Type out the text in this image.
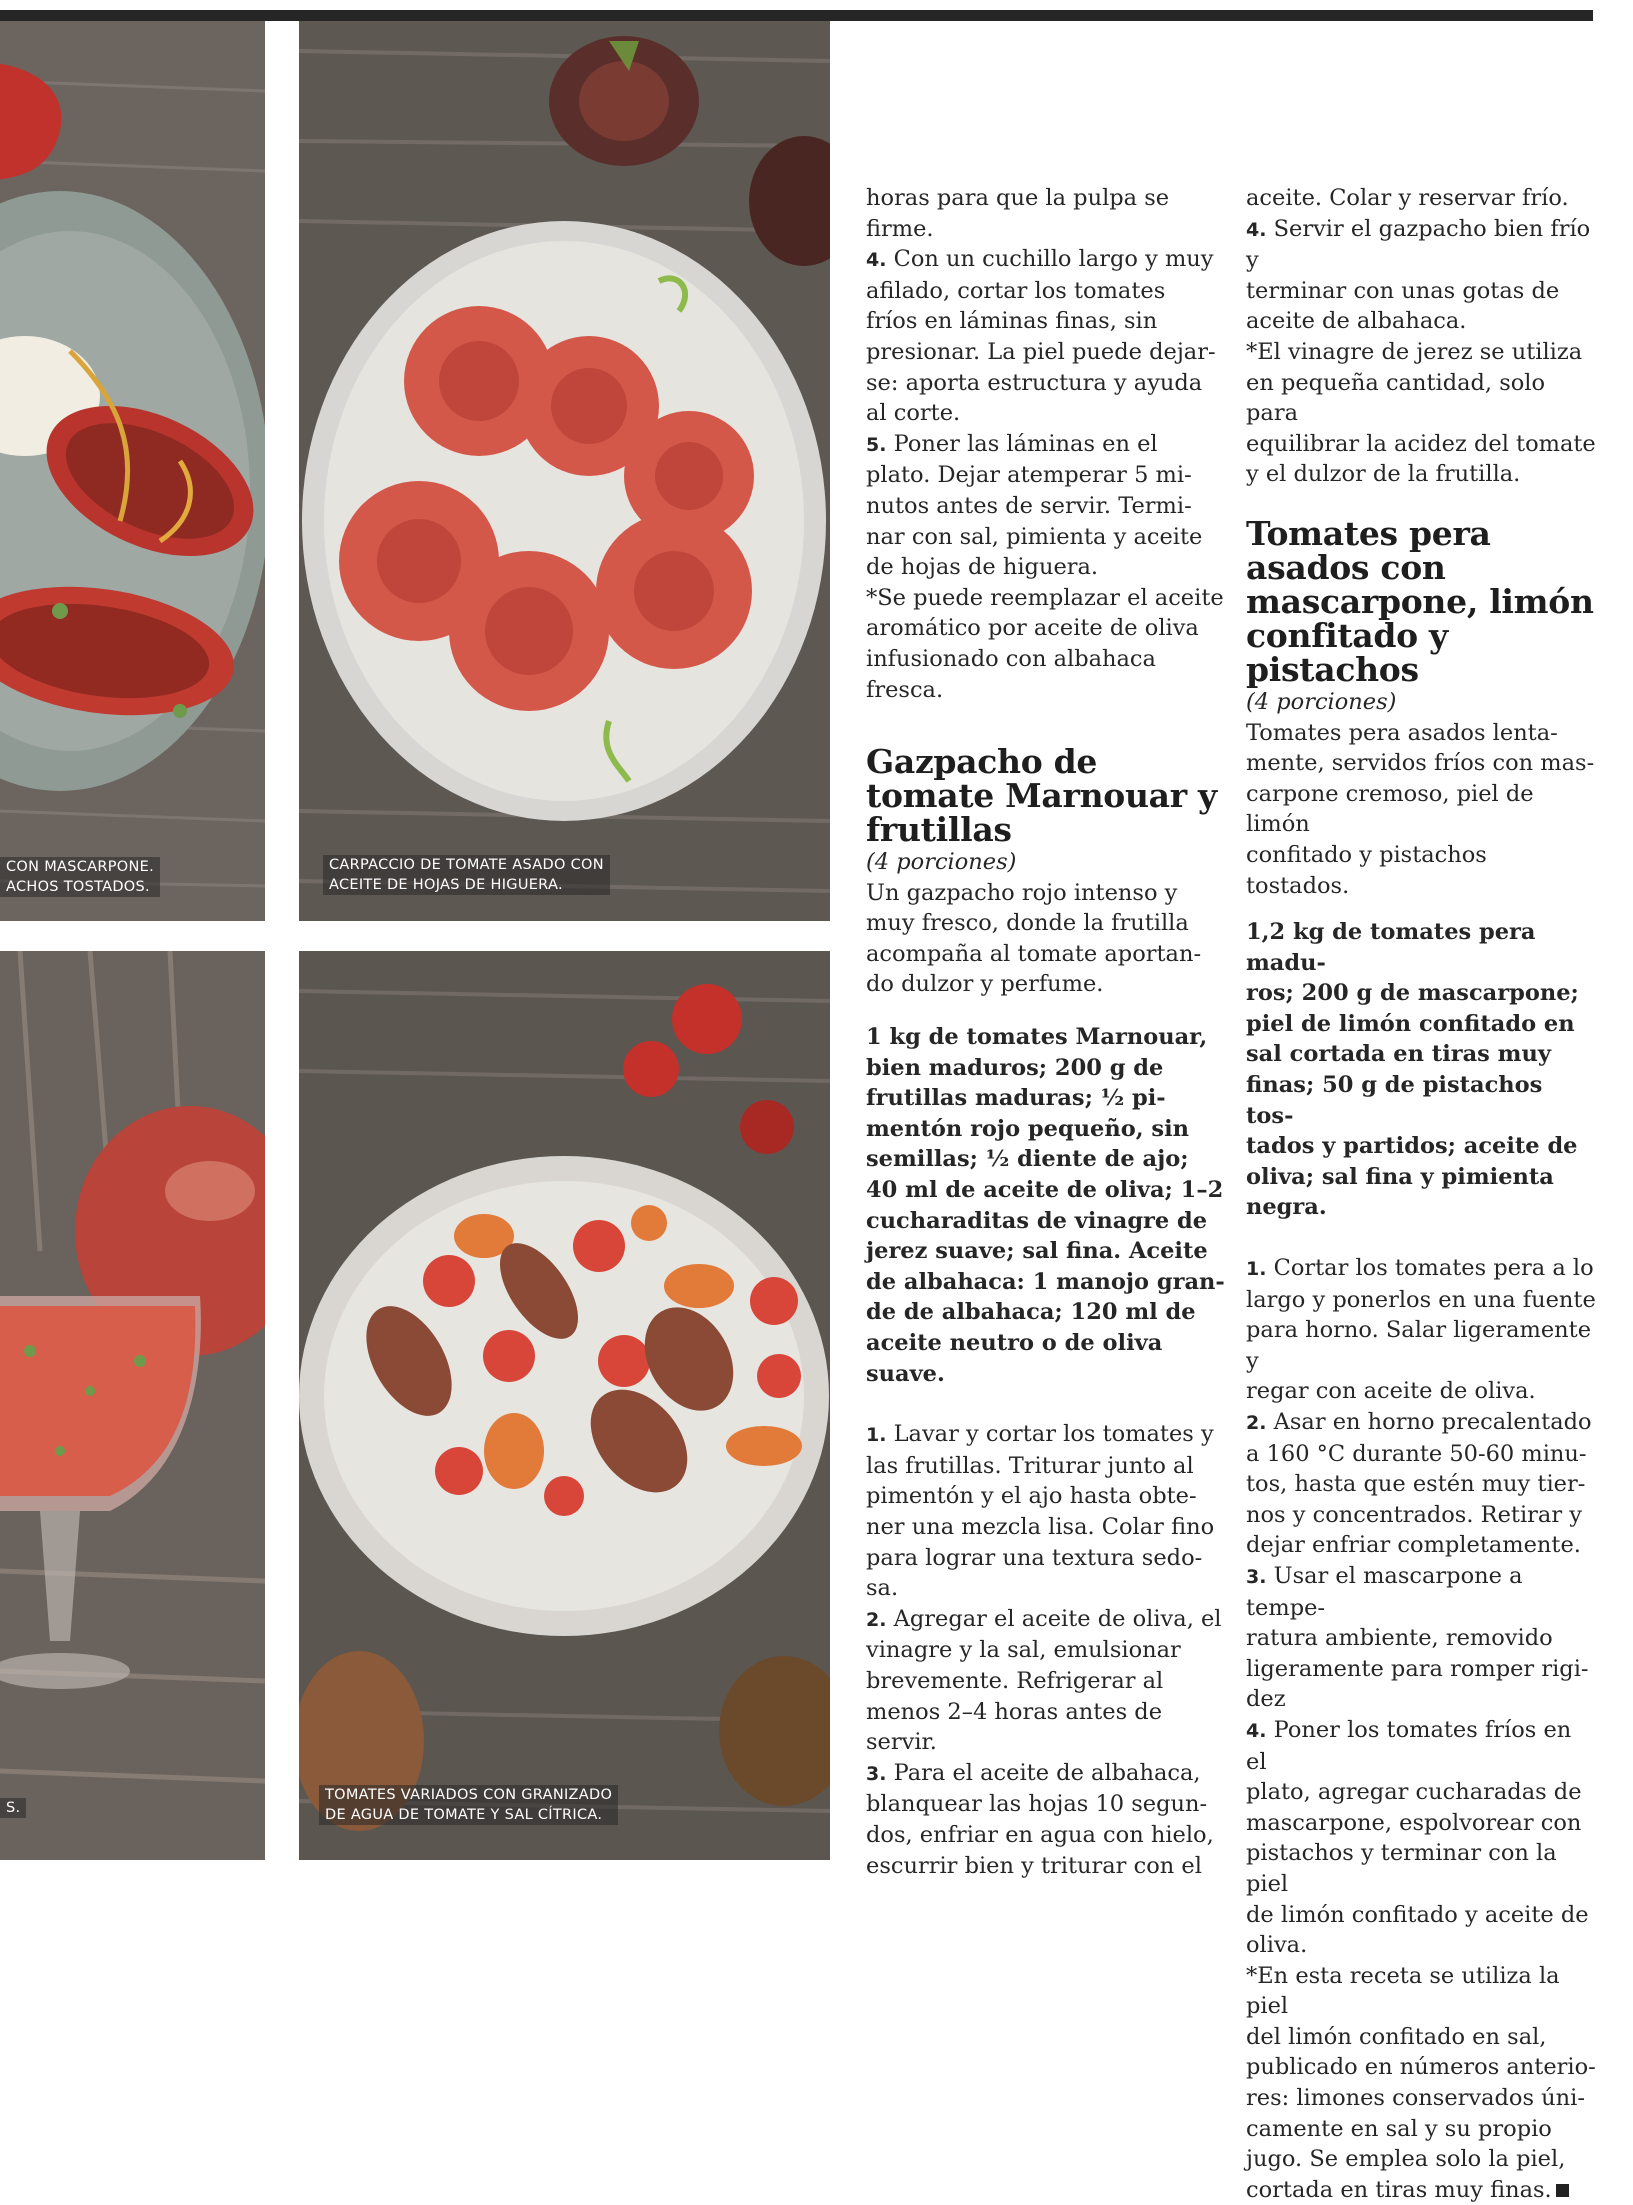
CON MASCARPONE.
ACHOS TOSTADOS.
CARPACCIO DE TOMATE ASADO CON
ACEITE DE HOJAS DE HIGUERA.
S.
TOMATES VARIADOS CON GRANIZADO
DE AGUA DE TOMATE Y SAL CÍTRICA.

horas para que la pulpa se
firme.
4. Con un cuchillo largo y muy
afilado, cortar los tomates
fríos en láminas finas, sin
presionar. La piel puede dejar-
se: aporta estructura y ayuda
al corte.
5. Poner las láminas en el
plato. Dejar atemperar 5 mi-
nutos antes de servir. Termi-
nar con sal, pimienta y aceite
de hojas de higuera.
*Se puede reemplazar el aceite
aromático por aceite de oliva
infusionado con albahaca
fresca.

Gazpacho de
tomate Marnouar y
frutillas

(4 porciones)

Un gazpacho rojo intenso y
muy fresco, donde la frutilla
acompaña al tomate aportan-
do dulzor y perfume.

1 kg de tomates Marnouar,
bien maduros; 200 g de
frutillas maduras; ½ pi-
mentón rojo pequeño, sin
semillas; ½ diente de ajo;
40 ml de aceite de oliva; 1–2
cucharaditas de vinagre de
jerez suave; sal fina. Aceite
de albahaca: 1 manojo gran-
de de albahaca; 120 ml de
aceite neutro o de oliva
suave.

1. Lavar y cortar los tomates y
las frutillas. Triturar junto al
pimentón y el ajo hasta obte-
ner una mezcla lisa. Colar fino
para lograr una textura sedo-
sa.
2. Agregar el aceite de oliva, el
vinagre y la sal, emulsionar
brevemente. Refrigerar al
menos 2–4 horas antes de
servir.
3. Para el aceite de albahaca,
blanquear las hojas 10 segun-
dos, enfriar en agua con hielo,
escurrir bien y triturar con el

aceite. Colar y reservar frío.
4. Servir el gazpacho bien frío y
terminar con unas gotas de
aceite de albahaca.
*El vinagre de jerez se utiliza
en pequeña cantidad, solo para
equilibrar la acidez del tomate
y el dulzor de la frutilla.

Tomates pera
asados con
mascarpone, limón
confitado y
pistachos

(4 porciones)

Tomates pera asados lenta-
mente, servidos fríos con mas-
carpone cremoso, piel de limón
confitado y pistachos tostados.

1,2 kg de tomates pera madu-
ros; 200 g de mascarpone;
piel de limón confitado en
sal cortada en tiras muy
finas; 50 g de pistachos tos-
tados y partidos; aceite de
oliva; sal fina y pimienta
negra.

1. Cortar los tomates pera a lo
largo y ponerlos en una fuente
para horno. Salar ligeramente y
regar con aceite de oliva.
2. Asar en horno precalentado
a 160 °C durante 50-60 minu-
tos, hasta que estén muy tier-
nos y concentrados. Retirar y
dejar enfriar completamente.
3. Usar el mascarpone a tempe-
ratura ambiente, removido
ligeramente para romper rigi-
dez
4. Poner los tomates fríos en el
plato, agregar cucharadas de
mascarpone, espolvorear con
pistachos y terminar con la piel
de limón confitado y aceite de
oliva.
*En esta receta se utiliza la piel
del limón confitado en sal,
publicado en números anterio-
res: limones conservados úni-
camente en sal y su propio
jugo. Se emplea solo la piel,
cortada en tiras muy finas.
